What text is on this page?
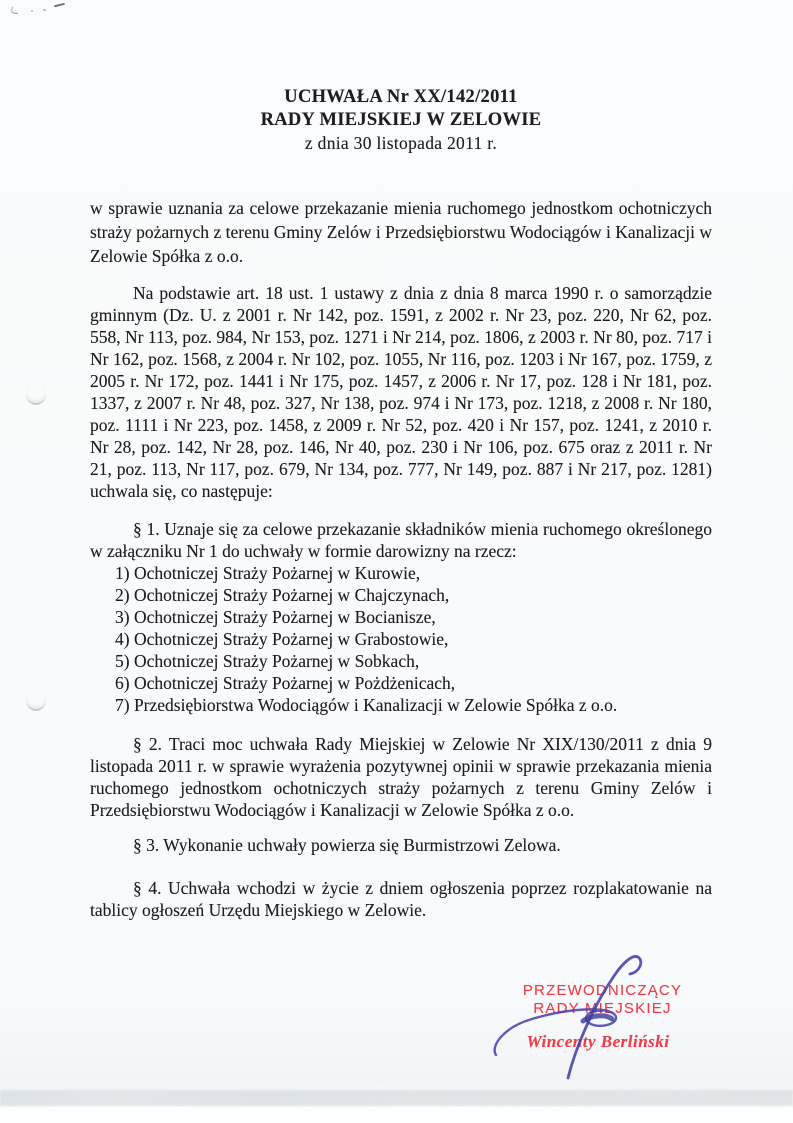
UCHWAŁA Nr XX/142/2011
RADY MIEJSKIEJ W ZELOWIE
z dnia 30 listopada 2011 r.

w sprawie uznania za celowe przekazanie mienia ruchomego jednostkom ochotniczych straży pożarnych z terenu Gminy Zelów i Przedsiębiorstwu Wodociągów i Kanalizacji w Zelowie Spółka z o.o.

Na podstawie art. 18 ust. 1 ustawy z dnia z dnia 8 marca 1990 r. o samorządzie gminnym (Dz. U. z 2001 r. Nr 142, poz. 1591, z 2002 r. Nr 23, poz. 220, Nr 62, poz. 558, Nr 113, poz. 984, Nr 153, poz. 1271 i Nr 214, poz. 1806, z 2003 r. Nr 80, poz. 717 i Nr 162, poz. 1568, z 2004 r. Nr 102, poz. 1055, Nr 116, poz. 1203 i Nr 167, poz. 1759, z 2005 r. Nr 172, poz. 1441 i Nr 175, poz. 1457, z 2006 r. Nr 17, poz. 128 i Nr 181, poz. 1337, z 2007 r. Nr 48, poz. 327, Nr 138, poz. 974 i Nr 173, poz. 1218, z 2008 r. Nr 180, poz. 1111 i Nr 223, poz. 1458, z 2009 r. Nr 52, poz. 420 i Nr 157, poz. 1241, z 2010 r. Nr 28, poz. 142, Nr 28, poz. 146, Nr 40, poz. 230 i Nr 106, poz. 675 oraz z 2011 r. Nr 21, poz. 113, Nr 117, poz. 679, Nr 134, poz. 777, Nr 149, poz. 887 i Nr 217, poz. 1281) uchwala się, co następuje:

§ 1. Uznaje się za celowe przekazanie składników mienia ruchomego określonego w załączniku Nr 1 do uchwały w formie darowizny na rzecz:

1) Ochotniczej Straży Pożarnej w Kurowie,
2) Ochotniczej Straży Pożarnej w Chajczynach,
3) Ochotniczej Straży Pożarnej w Bocianisze,
4) Ochotniczej Straży Pożarnej w Grabostowie,
5) Ochotniczej Straży Pożarnej w Sobkach,
6) Ochotniczej Straży Pożarnej w Pożdżenicach,
7) Przedsiębiorstwa Wodociągów i Kanalizacji w Zelowie Spółka z o.o.

§ 2. Traci moc uchwała Rady Miejskiej w Zelowie Nr XIX/130/2011 z dnia 9 listopada 2011 r. w sprawie wyrażenia pozytywnej opinii w sprawie przekazania mienia ruchomego jednostkom ochotniczych straży pożarnych z terenu Gminy Zelów i Przedsiębiorstwu Wodociągów i Kanalizacji w Zelowie Spółka z o.o.

§ 3. Wykonanie uchwały powierza się Burmistrzowi Zelowa.

§ 4. Uchwała wchodzi w życie z dniem ogłoszenia poprzez rozplakatowanie na tablicy ogłoszeń Urzędu Miejskiego w Zelowie.

PRZEWODNICZĄCY
RADY MIEJSKIEJ
Wincenty Berliński
